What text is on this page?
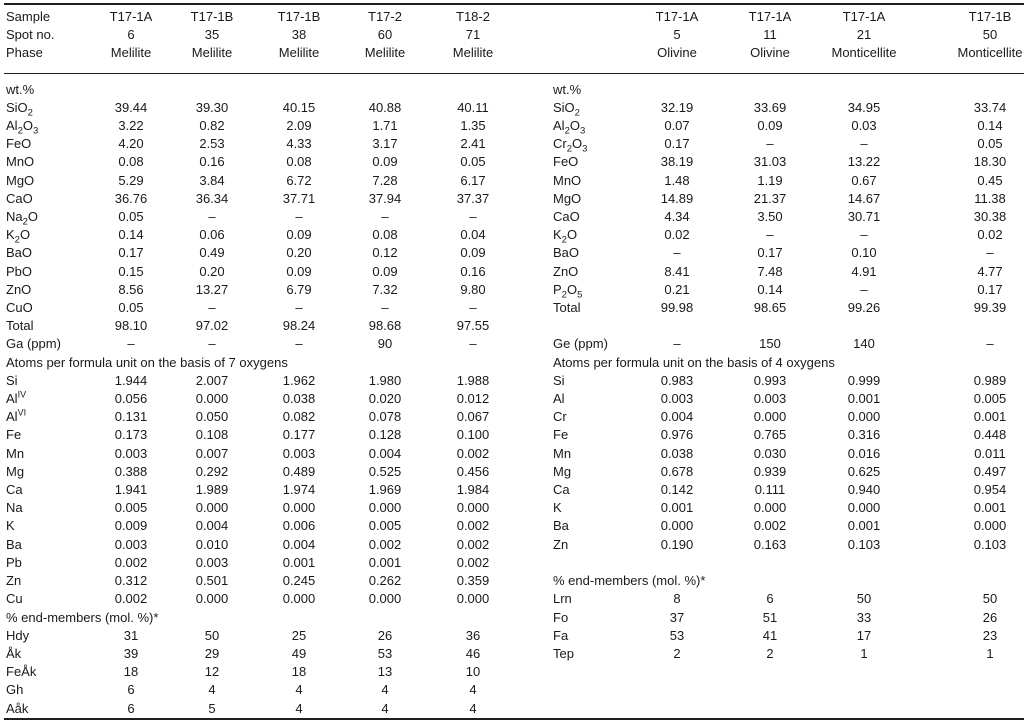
Sample	T17-1A	T17-1B	T17-1B	T17-2	T18-2			T17-1A	T17-1A	T17-1A	T17-1B
Spot no.	6	35	38	60	71			5	11	21	50
Phase	Melilite	Melilite	Melilite	Melilite	Melilite			Olivine	Olivine	Monticellite	Monticellite
wt.%							wt.%				
SiO$_2$	39.44	39.30	40.15	40.88	40.11		SiO$_2$	32.19	33.69	34.95	33.74
$Al_2O_3$	3.22	0.82	2.09	1.71	1.35		$Al_2O_3$	0.07	0.09	0.03	0.14
FeO	4.20	2.53	4.33	3.17	2.41		$Cr_2O_3$	0.17	–	–	0.05
MnO	0.08	0.16	0.08	0.09	0.05		FeO	38.19	31.03	13.22	18.30
MgO	5.29	3.84	6.72	7.28	6.17		MnO	1.48	1.19	0.67	0.45
CaO	36.76	36.34	37.71	37.94	37.37		MgO	14.89	21.37	14.67	11.38
$Na_2O$	0.05	–	–	–	–		CaO	4.34	3.50	30.71	30.38
$K_2O$	0.14	0.06	0.09	0.08	0.04		$K_2O$	0.02	–	–	0.02
BaO	0.17	0.49	0.20	0.12	0.09		BaO	–	0.17	0.10	–
PbO	0.15	0.20	0.09	0.09	0.16		ZnO	8.41	7.48	4.91	4.77
ZnO	8.56	13.27	6.79	7.32	9.80		$P_2O_5$	0.21	0.14	–	0.17
CuO	0.05	–	–	–	–		Total	99.98	98.65	99.26	99.39
Total	98.10	97.02	98.24	98.68	97.55						
Ga (ppm)	–	–	–	90	–		Ge (ppm)	–	150	140	–
Atoms per formula unit on the basis of 7 oxygens							Atoms per formula unit on the basis of 4 oxygens				
Si	1.944	2.007	1.962	1.980	1.988		Si	0.983	0.993	0.999	0.989
$Al^{IV}$	0.056	0.000	0.038	0.020	0.012		Al	0.003	0.003	0.001	0.005
$Al^{VI}$	0.131	0.050	0.082	0.078	0.067		Cr	0.004	0.000	0.000	0.001
Fe	0.173	0.108	0.177	0.128	0.100		Fe	0.976	0.765	0.316	0.448
Mn	0.003	0.007	0.003	0.004	0.002		Mn	0.038	0.030	0.016	0.011
Mg	0.388	0.292	0.489	0.525	0.456		Mg	0.678	0.939	0.625	0.497
Ca	1.941	1.989	1.974	1.969	1.984		Ca	0.142	0.111	0.940	0.954
Na	0.005	0.000	0.000	0.000	0.000		K	0.001	0.000	0.000	0.001
K	0.009	0.004	0.006	0.005	0.002		Ba	0.000	0.002	0.001	0.000
Ba	0.003	0.010	0.004	0.002	0.002		Zn	0.190	0.163	0.103	0.103
Pb	0.002	0.003	0.001	0.001	0.002						
Zn	0.312	0.501	0.245	0.262	0.359		% end-members (mol. %)*				
Cu	0.002	0.000	0.000	0.000	0.000		Lrn	8	6	50	50
% end-members (mol. %)*							Fo	37	51	33	26
Hdy	31	50	25	26	36		Fa	53	41	17	23
Åk	39	29	49	53	46		Tep	2	2	1	1
FeÅk	18	12	18	13	10						
Gh	6	4	4	4	4						
Aåk	6	5	4	4	4						
